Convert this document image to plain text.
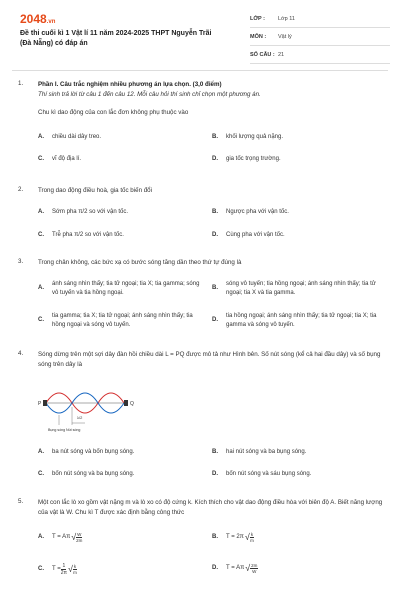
2048.vn
Đề thi cuối kì 1 Vật lí 11 năm 2024-2025 THPT Nguyễn Trãi (Đà Nẵng) có đáp án
LỚP :	Lớp 11
MÔN :	Vật lý
SỐ CÂU : 21
1.	Phần I. Câu trắc nghiệm nhiều phương án lựa chọn. (3,0 điểm)
Thí sinh trả lời từ câu 1 đến câu 12. Mỗi câu hỏi thí sinh chỉ chọn một phương án.
Chu kì dao động của con lắc đơn không phụ thuộc vào
A.	chiều dài dây treo.	B.	khối lượng quả nặng.
C.	vĩ độ địa lí.	D.	gia tốc trọng trường.
2.	Trong dao động điều hoà, gia tốc biến đổi
A.	Sớm pha π/2 so với vận tốc.	B.	Ngược pha với vận tốc.
C.	Trễ pha π/2 so với vận tốc.	D.	Cùng pha với vận tốc.
3.	Trong chân không, các bức xạ có bước sóng tăng dần theo thứ tự đúng là
A.
ánh sáng nhìn thấy; tia tử ngoại; tia X; tia gamma; sóng vô tuyến và tia hồng ngoại.
B.
sóng vô tuyến; tia hồng ngoại; ánh sáng nhìn thấy; tia tử ngoại; tia X và tia gamma.
C.
tia gamma; tia X; tia tử ngoại; ánh sáng nhìn thấy; tia hồng ngoại và sóng vô tuyến.
D.
tia hồng ngoại; ánh sáng nhìn thấy; tia tử ngoại; tia X; tia gamma và sóng vô tuyến.
4.	Sóng dừng trên một sợi dây đàn hồi chiều dài L = PQ được mô tả như Hình bên. Số nút sóng (kể cả hai đầu dây) và số bụng sóng trên dây là
P	Q
Bụng sóng Nút sóng
λ/2
A.	ba nút sóng và bốn bụng sóng.	B.	hai nút sóng và ba bụng sóng.
C.	bốn nút sóng và ba bụng sóng.	D.	bốn nút sóng và sáu bụng sóng.
5.	Một con lắc lò xo gồm vật nặng m và lò xo có độ cứng k. Kích thích cho vật dao động điều hòa với biên độ A. Biết năng lượng của vật là W. Chu kì T được xác định bằng công thức
A.	T = Aπ √ W
2m
B.	T = 2π √ k
m
C.	$T = \frac{1}{2\pi}$ √ k
m
D.	T = Aπ √ 2m
W
